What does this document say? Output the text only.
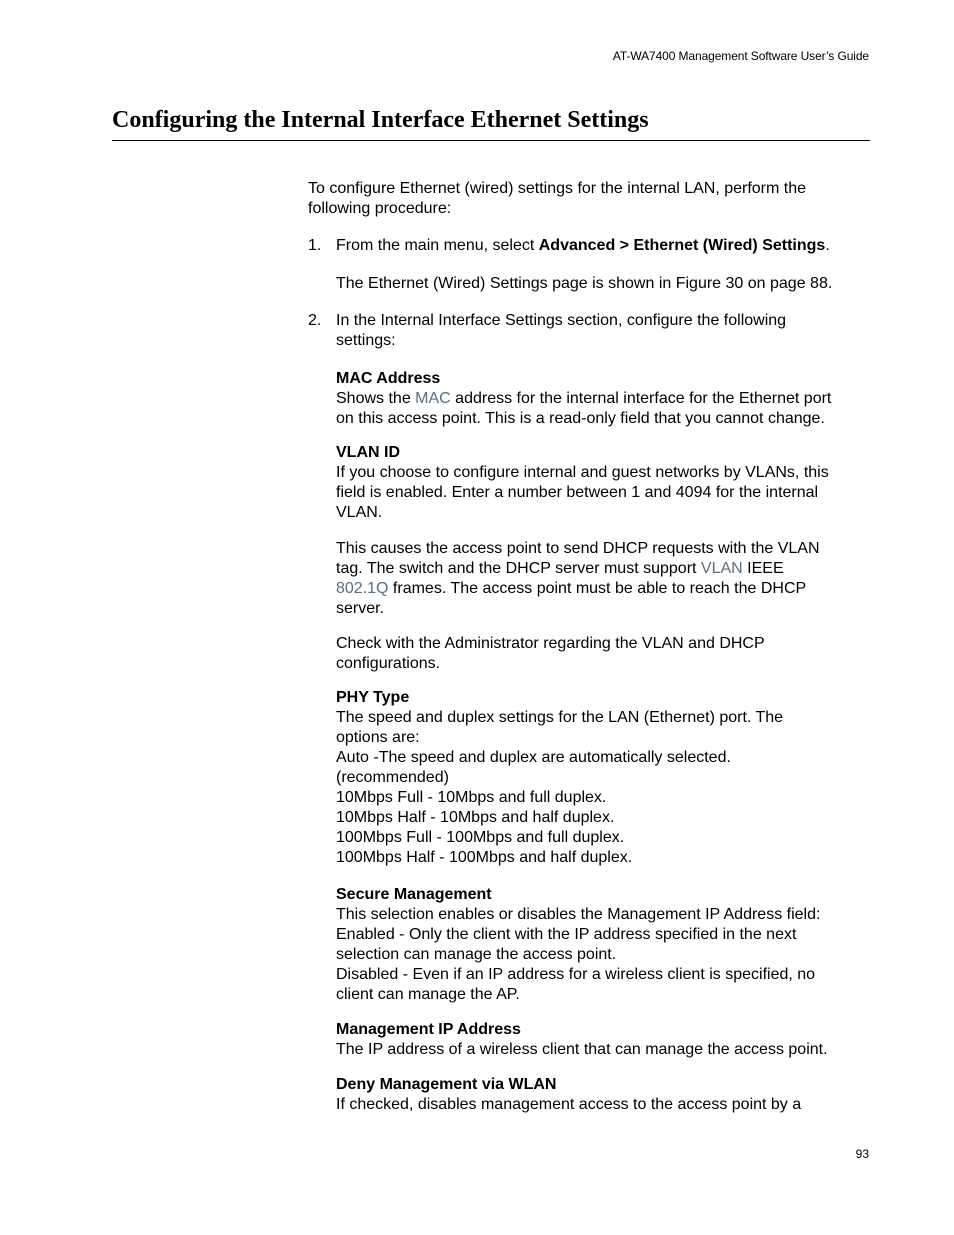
AT-WA7400 Management Software User’s Guide
Configuring the Internal Interface Ethernet Settings
To configure Ethernet (wired) settings for the internal LAN, perform the
following procedure:
1. From the main menu, select Advanced > Ethernet (Wired) Settings.
The Ethernet (Wired) Settings page is shown in Figure 30 on page 88.
2. In the Internal Interface Settings section, configure the following
settings:
MAC Address
Shows the MAC address for the internal interface for the Ethernet port
on this access point. This is a read-only field that you cannot change.
VLAN ID
If you choose to configure internal and guest networks by VLANs, this
field is enabled. Enter a number between 1 and 4094 for the internal
VLAN.
This causes the access point to send DHCP requests with the VLAN
tag. The switch and the DHCP server must support VLAN IEEE
802.1Q frames. The access point must be able to reach the DHCP
server.
Check with the Administrator regarding the VLAN and DHCP
configurations.
PHY Type
The speed and duplex settings for the LAN (Ethernet) port. The
options are:
Auto -The speed and duplex are automatically selected.
(recommended)
10Mbps Full - 10Mbps and full duplex.
10Mbps Half - 10Mbps and half duplex.
100Mbps Full - 100Mbps and full duplex.
100Mbps Half - 100Mbps and half duplex.
Secure Management
This selection enables or disables the Management IP Address field:
Enabled - Only the client with the IP address specified in the next
selection can manage the access point.
Disabled - Even if an IP address for a wireless client is specified, no
client can manage the AP.
Management IP Address
The IP address of a wireless client that can manage the access point.
Deny Management via WLAN
If checked, disables management access to the access point by a
93
